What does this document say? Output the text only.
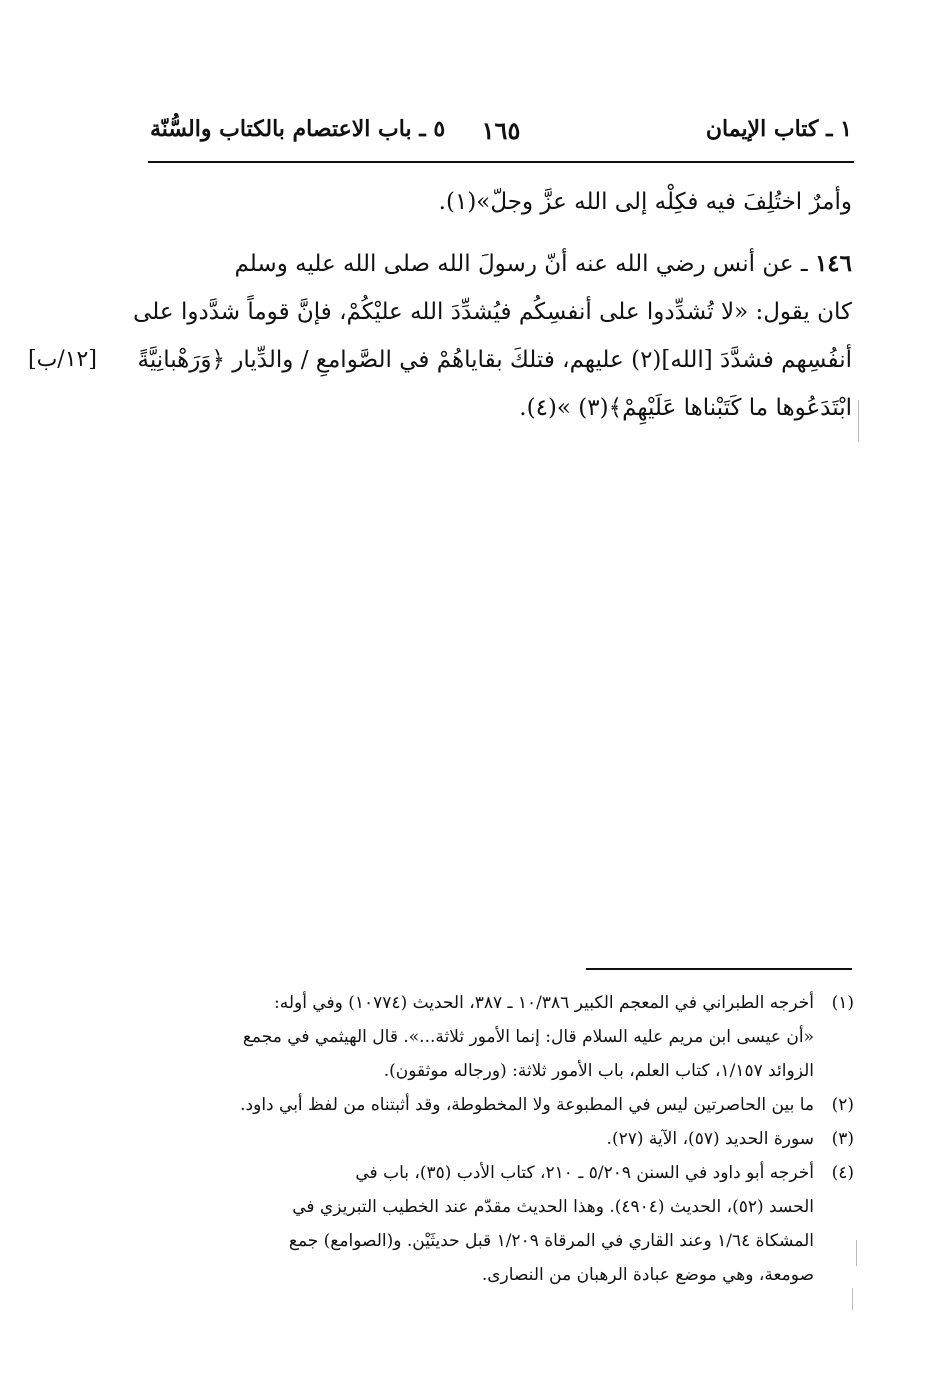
١ ـ كتاب الإيمان
١٦٥
٥ ـ باب الاعتصام بالكتاب والسُّنّة

وأمرٌ اختُلِفَ فيه فكِلْه إلى الله عزَّ وجلّ»(١).

١٤٦ ـ عن أنس رضي الله عنه أنّ رسولَ الله صلى الله عليه وسلم

كان يقول: «لا تُشدِّدوا على أنفسِكُم فيُشدِّدَ الله عليْكُمْ، فإنَّ قوماً شدَّدوا على

أنفُسِهم فشدَّدَ [الله](٢) عليهم، فتلكَ بقاياهُمْ في الصَّوامعِ / والدِّيار ﴿وَرَهْبانِيَّةً
[١٢/ب]

ابْتَدَعُوها ما كَتَبْناها عَلَيْهِمْ﴾(٣) »(٤).

(١)
أخرجه الطبراني في المعجم الكبير ١٠/٣٨٦ ـ ٣٨٧، الحديث (١٠٧٧٤) وفي أوله:
«أن عيسى ابن مريم عليه السلام قال: إنما الأمور ثلاثة...». قال الهيثمي في مجمع
الزوائد ١/١٥٧، كتاب العلم، باب الأمور ثلاثة: (ورجاله موثقون).
(٢)
ما بين الحاصرتين ليس في المطبوعة ولا المخطوطة، وقد أثبتناه من لفظ أبي داود.
(٣)
سورة الحديد (٥٧)، الآية (٢٧).
(٤)
أخرجه أبو داود في السنن ٥/٢٠٩ ـ ٢١٠، كتاب الأدب (٣٥)، باب في
الحسد (٥٢)، الحديث (٤٩٠٤). وهذا الحديث مقدّم عند الخطيب التبريزي في
المشكاة ١/٦٤ وعند القاري في المرقاة ١/٢٠٩ قبل حديثَيْن. و(الصوامع) جمع
صومعة، وهي موضع عبادة الرهبان من النصارى.
